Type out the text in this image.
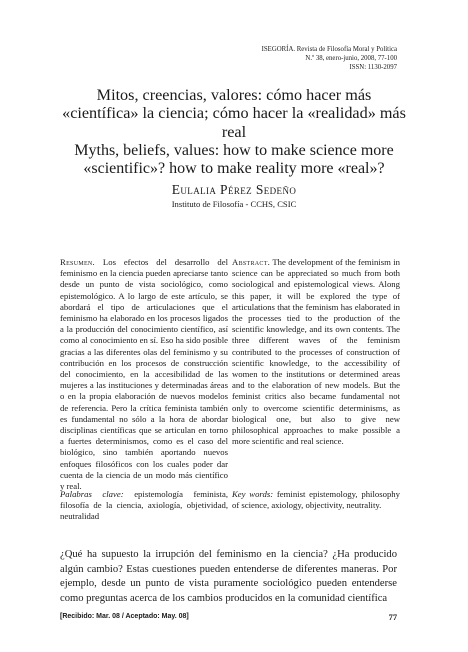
ISEGORÍA. Revista de Filosofía Moral y Política
N.º 38, enero-junio, 2008, 77-100
ISSN: 1130-2097
Mitos, creencias, valores: cómo hacer más «científica» la ciencia; cómo hacer la «realidad» más real
Myths, beliefs, values: how to make science more «scientific»? how to make reality more «real»?
Eulalia Pérez Sedeño
Instituto de Filosofía - CCHS, CSIC
Resumen. Los efectos del desarrollo del feminismo en la ciencia pueden apreciarse tanto desde un punto de vista sociológico, como epistemológico. A lo largo de este artículo, se abordará el tipo de articulaciones que el feminismo ha elaborado en los procesos ligados a la producción del conocimiento científico, así como al conocimiento en sí. Eso ha sido posible gracias a las diferentes olas del feminismo y su contribución en los procesos de construcción del conocimiento, en la accesibilidad de las mujeres a las instituciones y determinadas áreas o en la propia elaboración de nuevos modelos de referencia. Pero la crítica feminista también es fundamental no sólo a la hora de abordar disciplinas científicas que se articulan en torno a fuertes determinismos, como es el caso del biológico, sino también aportando nuevos enfoques filosóficos con los cuales poder dar cuenta de la ciencia de un modo más científico y real.
Abstract. The development of the feminism in science can be appreciated so much from both sociological and epistemological views. Along this paper, it will be explored the type of articulations that the feminism has elaborated in the processes tied to the production of the scientific knowledge, and its own contents. The three different waves of the feminism contributed to the processes of construction of scientific knowledge, to the accessibility of women to the institutions or determined areas and to the elaboration of new models. But the feminist critics also became fundamental not only to overcome scientific determinisms, as biological one, but also to give new philosophical approaches to make possible a more scientific and real science.
Palabras clave: epistemología feminista, filosofía de la ciencia, axiología, objetividad, neutralidad
Key words: feminist epistemology, philosophy of science, axiology, objectivity, neutrality.
¿Qué ha supuesto la irrupción del feminismo en la ciencia? ¿Ha producido algún cambio? Estas cuestiones pueden entenderse de diferentes maneras. Por ejemplo, desde un punto de vista puramente sociológico pueden entenderse como preguntas acerca de los cambios producidos en la comunidad científica
[Recibido: Mar. 08 / Aceptado: May. 08]	77
